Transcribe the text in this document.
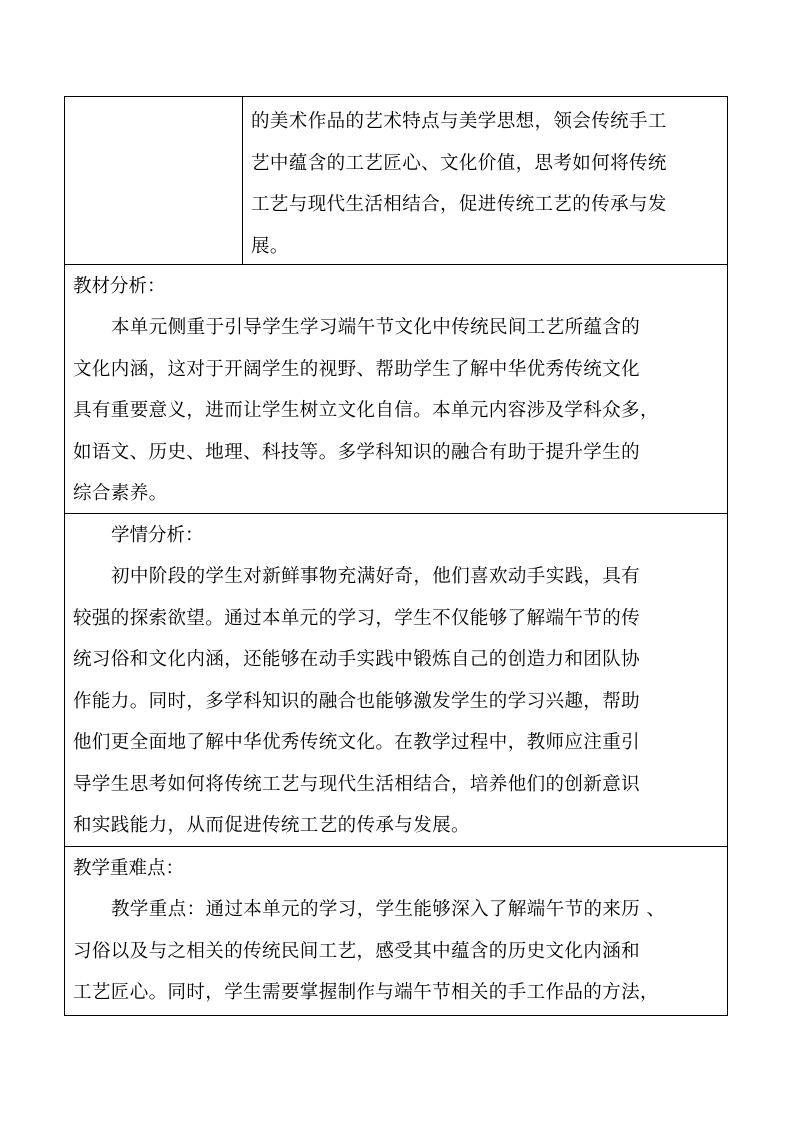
的美术作品的艺术特点与美学思想，领会传统手工
艺中蕴含的工艺匠心、文化价值，思考如何将传统
工艺与现代生活相结合，促进传统工艺的传承与发
展。
教材分析：
本单元侧重于引导学生学习端午节文化中传统民间工艺所蕴含的
文化内涵，这对于开阔学生的视野、帮助学生了解中华优秀传统文化
具有重要意义，进而让学生树立文化自信。本单元内容涉及学科众多，
如语文、历史、地理、科技等。多学科知识的融合有助于提升学生的
综合素养。
学情分析：
初中阶段的学生对新鲜事物充满好奇，他们喜欢动手实践，具有
较强的探索欲望。通过本单元的学习，学生不仅能够了解端午节的传
统习俗和文化内涵，还能够在动手实践中锻炼自己的创造力和团队协
作能力。同时，多学科知识的融合也能够激发学生的学习兴趣，帮助
他们更全面地了解中华优秀传统文化。在教学过程中，教师应注重引
导学生思考如何将传统工艺与现代生活相结合，培养他们的创新意识
和实践能力，从而促进传统工艺的传承与发展。
教学重难点：
教学重点：通过本单元的学习，学生能够深入了解端午节的来历 、
习俗以及与之相关的传统民间工艺，感受其中蕴含的历史文化内涵和
工艺匠心。同时，学生需要掌握制作与端午节相关的手工作品的方法，
